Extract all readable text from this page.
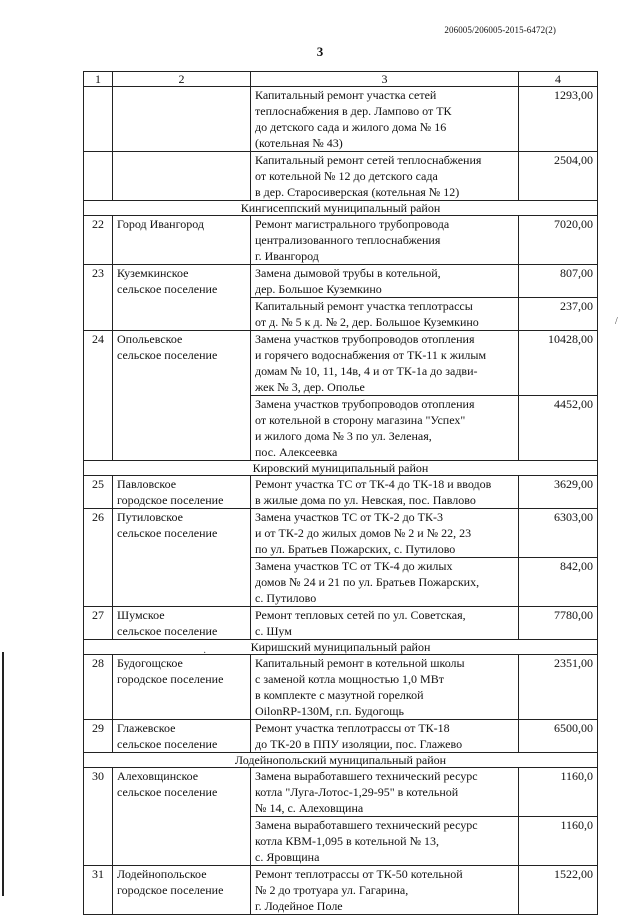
206005/206005-2015-6472(2)
3
1	2	3	4
		Капитальный ремонт участка сетей
теплоснабжения в дер. Лампово от ТК
до детского сада и жилого дома № 16
(котельная № 43)	1293,00
		Капитальный ремонт сетей теплоснабжения
от котельной № 12 до детского сада
в дер. Старосиверская (котельная № 12)	2504,00
Кингисеппский муниципальный район			
22	Город Ивангород	Ремонт магистрального трубопровода
централизованного теплоснабжения
г. Ивангород	7020,00
23	Куземкинское
сельское поселение	Замена дымовой трубы в котельной,
дер. Большое Куземкино	807,00
		Капитальный ремонт участка теплотрассы
от д. № 5 к д. № 2, дер. Большое Куземкино	237,00
24	Опольевское
сельское поселение	Замена участков трубопроводов отопления
и горячего водоснабжения от ТК-11 к жилым
домам № 10, 11, 14в, 4 и от ТК-1а до задви-
жек № 3, дер. Ополье	10428,00
		Замена участков трубопроводов отопления
от котельной в сторону магазина "Успех"
и жилого дома № 3 по ул. Зеленая,
пос. Алексеевка	4452,00
Кировский муниципальный район			
25	Павловское
городское поселение	Ремонт участка ТС от ТК-4 до ТК-18 и вводов
в жилые дома по ул. Невская, пос. Павлово	3629,00
26	Путиловское
сельское поселение	Замена участков ТС от ТК-2 до ТК-3
и от ТК-2 до жилых домов № 2 и № 22, 23
по ул. Братьев Пожарских, с. Путилово	6303,00
		Замена участков ТС от ТК-4 до жилых
домов № 24 и 21 по ул. Братьев Пожарских,
с. Путилово	842,00
27	Шумское
сельское поселение	Ремонт тепловых сетей по ул. Советская,
с. Шум	7780,00
Киришский муниципальный район			
28	Будогощское
городское поселение	Капитальный ремонт в котельной школы
с заменой котла мощностью 1,0 МВт
в комплекте с мазутной горелкой
OilonRP-130M, г.п. Будогощь	2351,00
29	Глажевское
сельское поселение	Ремонт участка теплотрассы от ТК-18
до ТК-20 в ППУ изоляции, пос. Глажево	6500,00
Лодейнопольский муниципальный район			
30	Алеховщинское
сельское поселение	Замена выработавшего технический ресурс
котла "Луга-Лотос-1,29-95" в котельной
№ 14, с. Алеховщина	1160,0
		Замена выработавшего технический ресурс
котла КВМ-1,095 в котельной № 13,
с. Яровщина	1160,0
31	Лодейнопольское
городское поселение	Ремонт теплотрассы от ТК-50 котельной
№ 2 до тротуара ул. Гагарина,
г. Лодейное Поле	1522,00
/
·
